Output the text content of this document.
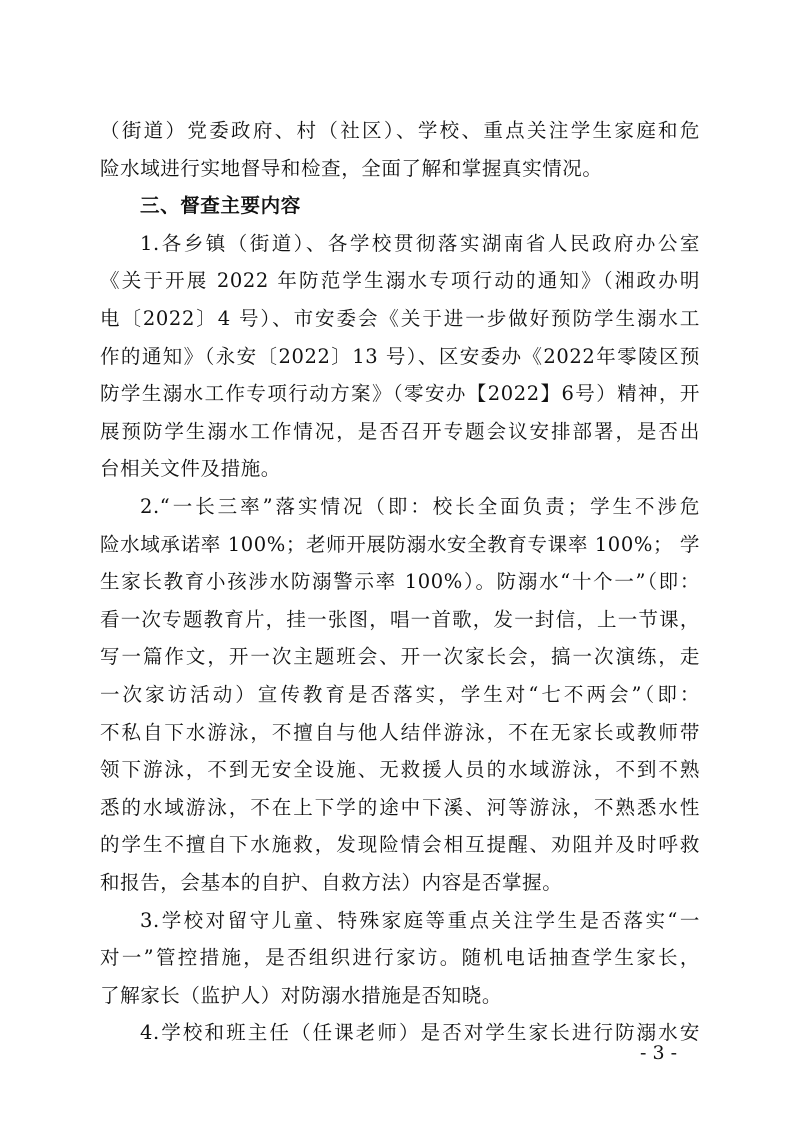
（街道）党委政府、村（社区）、学校、重点关注学生家庭和危
险水域进行实地督导和检查，全面了解和掌握真实情况。
三、督查主要内容
1.各乡镇（街道）、各学校贯彻落实湖南省人民政府办公室
《关于开展 2022 年防范学生溺水专项行动的通知》（湘政办明
电〔2022〕4 号）、市安委会《关于进一步做好预防学生溺水工
作的通知》（永安〔2022〕13 号）、区安委办《2022年零陵区预
防学生溺水工作专项行动方案》（零安办【2022】6号）精神，开
展预防学生溺水工作情况，是否召开专题会议安排部署，是否出
台相关文件及措施。
2.“一长三率”落实情况（即：校长全面负责；学生不涉危
险水域承诺率 100%；老师开展防溺水安全教育专课率 100%； 学
生家长教育小孩涉水防溺警示率 100%）。防溺水“十个一”（即：
看一次专题教育片，挂一张图，唱一首歌，发一封信，上一节课，
写一篇作文，开一次主题班会、开一次家长会，搞一次演练，走
一次家访活动）宣传教育是否落实，学生对“七不两会”（即：
不私自下水游泳，不擅自与他人结伴游泳，不在无家长或教师带
领下游泳，不到无安全设施、无救援人员的水域游泳，不到不熟
悉的水域游泳，不在上下学的途中下溪、河等游泳，不熟悉水性
的学生不擅自下水施救，发现险情会相互提醒、劝阻并及时呼救
和报告，会基本的自护、自救方法）内容是否掌握。
3.学校对留守儿童、特殊家庭等重点关注学生是否落实“一
对一”管控措施，是否组织进行家访。随机电话抽查学生家长，
了解家长（监护人）对防溺水措施是否知晓。
4.学校和班主任（任课老师）是否对学生家长进行防溺水安
- 3 -
